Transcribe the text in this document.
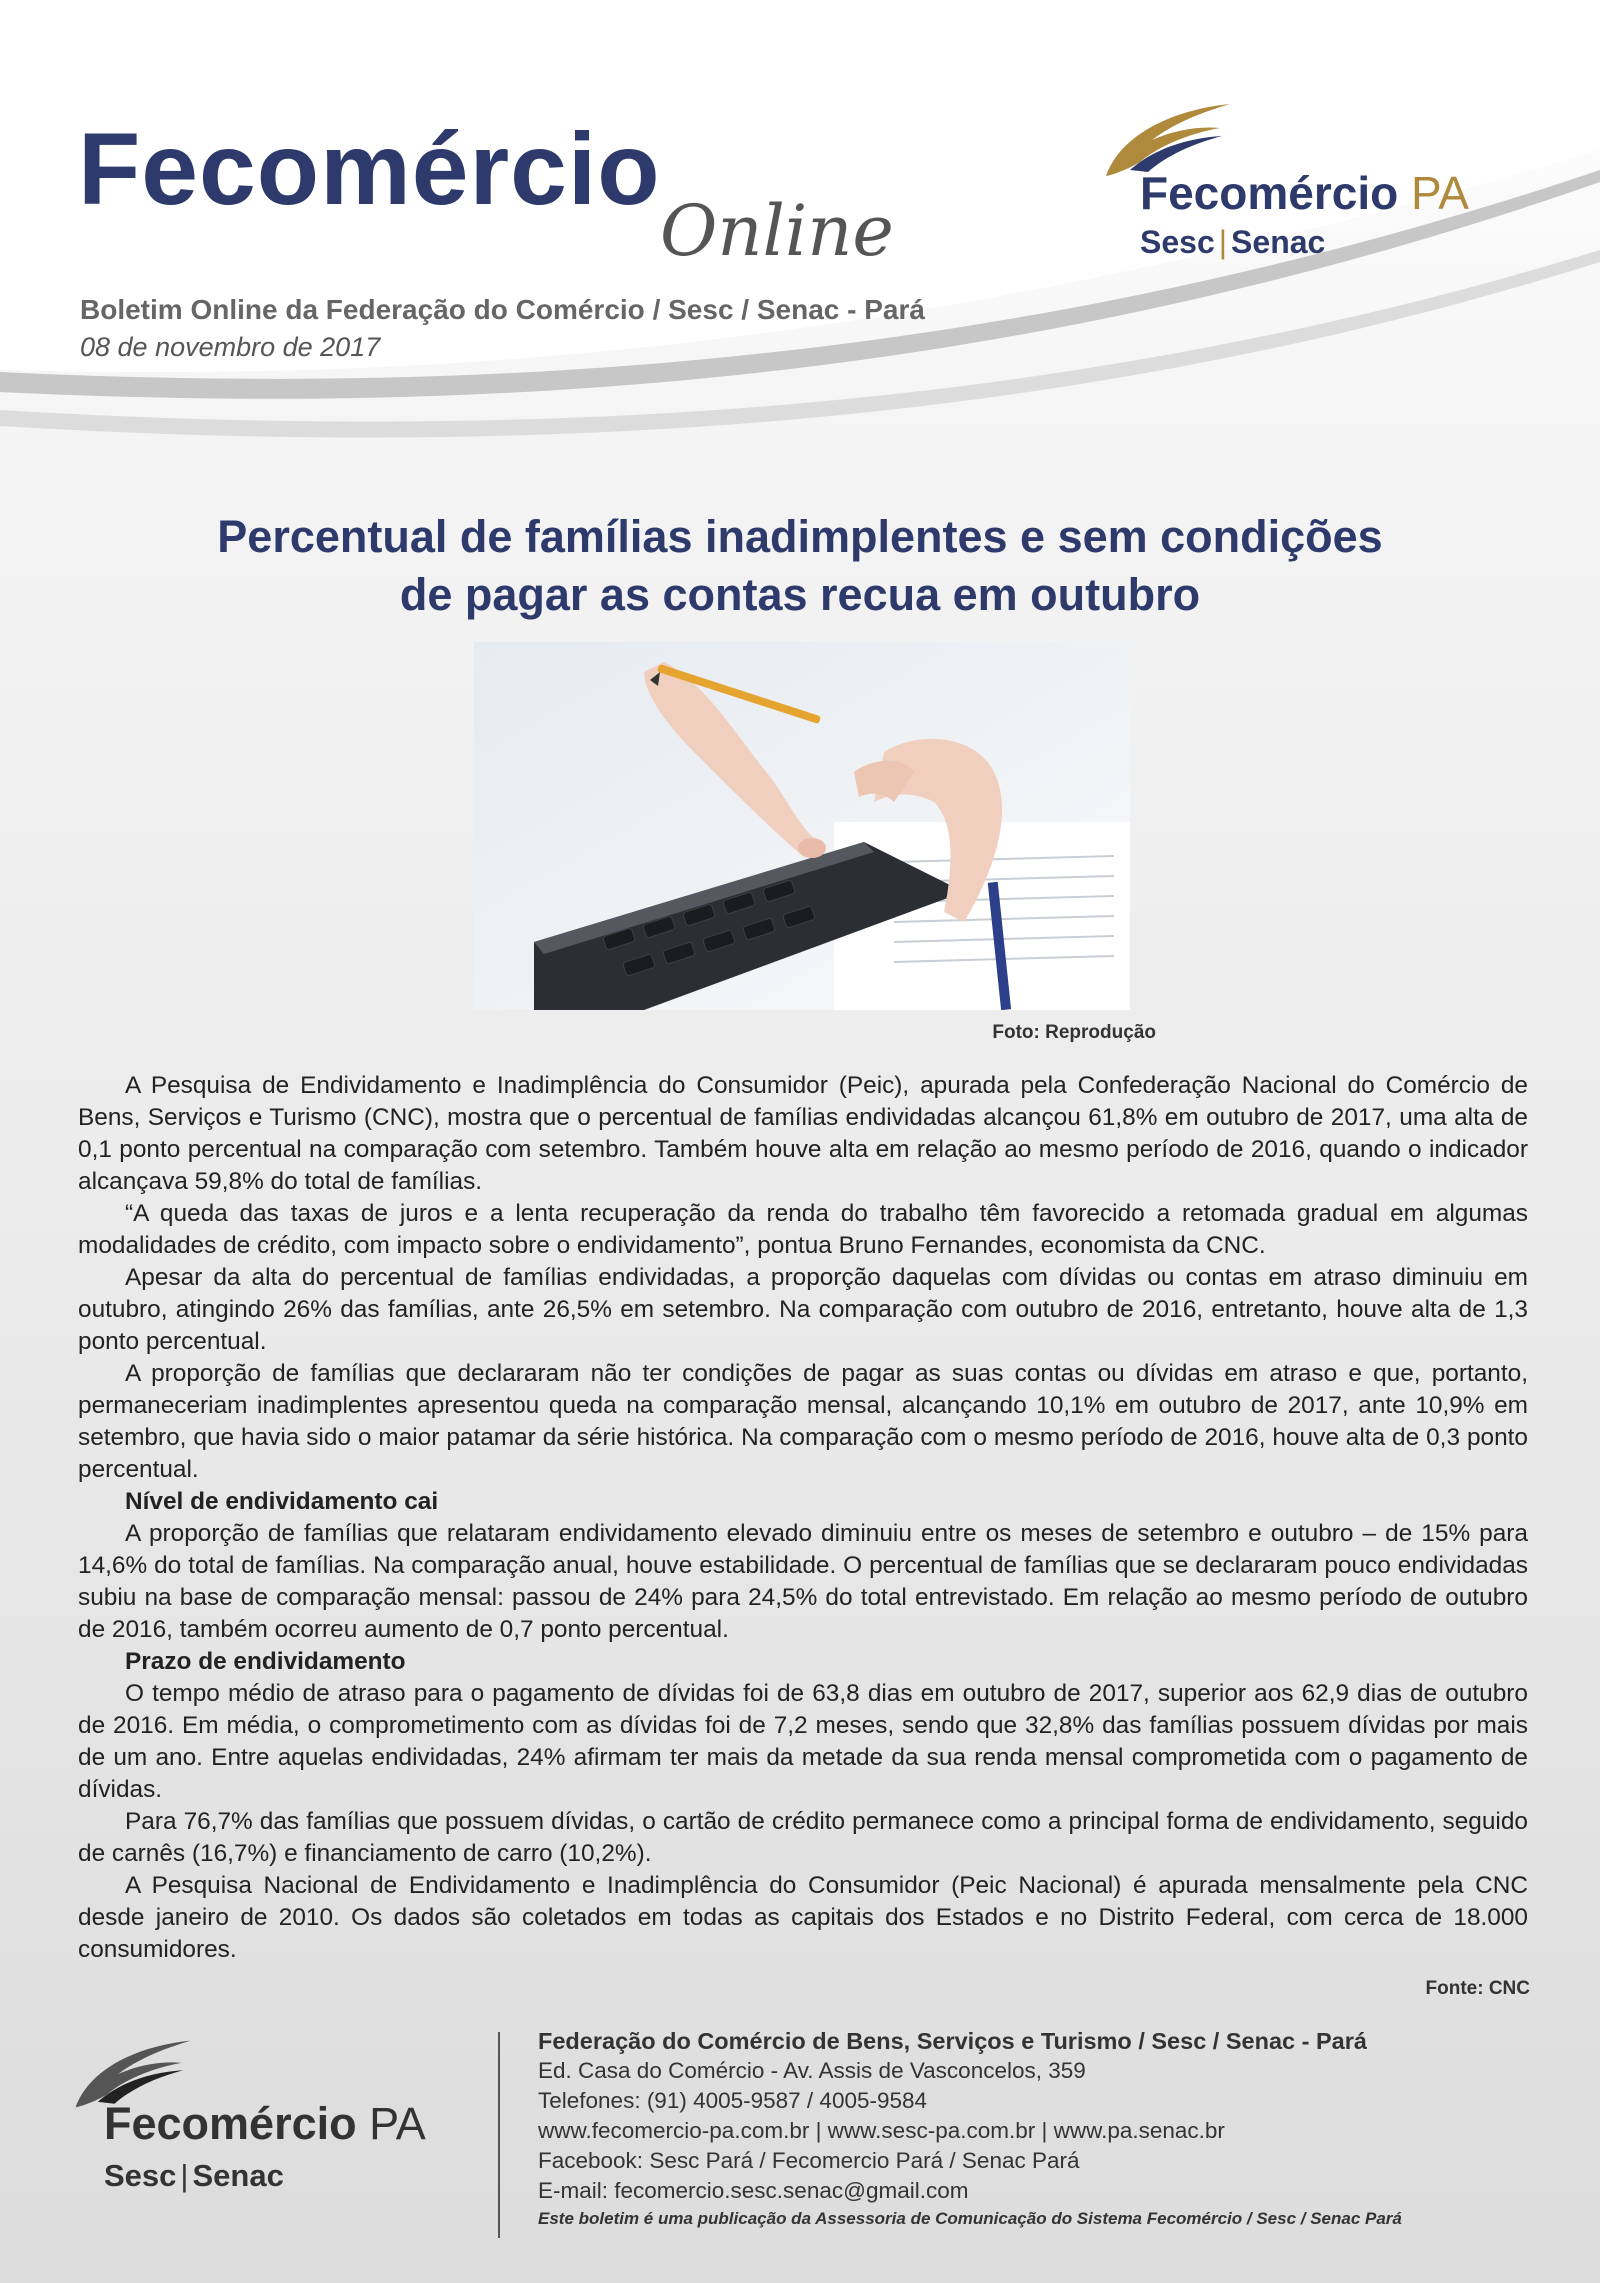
Fecomércio
Online
Boletim Online da Federação do Comércio / Sesc / Senac - Pará
08 de novembro de 2017
Fecomércio PA
Sesc | Senac
Percentual de famílias inadimplentes e sem condições
de pagar as contas recua em outubro
Foto: Reprodução

A Pesquisa de Endividamento e Inadimplência do Consumidor (Peic), apurada pela Confederação Nacional do Comércio de Bens, Serviços e Turismo (CNC), mostra que o percentual de famílias endividadas alcançou 61,8% em outubro de 2017, uma alta de 0,1 ponto percentual na comparação com setembro. Também houve alta em relação ao mesmo período de 2016, quando o indicador alcançava 59,8% do total de famílias.

“A queda das taxas de juros e a lenta recuperação da renda do trabalho têm favorecido a retomada gradual em algumas modalidades de crédito, com impacto sobre o endividamento”, pontua Bruno Fernandes, economista da CNC.

Apesar da alta do percentual de famílias endividadas, a proporção daquelas com dívidas ou contas em atraso diminuiu em outubro, atingindo 26% das famílias, ante 26,5% em setembro. Na comparação com outubro de 2016, entretanto, houve alta de 1,3 ponto percentual.

A proporção de famílias que declararam não ter condições de pagar as suas contas ou dívidas em atraso e que, portanto, permaneceriam inadimplentes apresentou queda na comparação mensal, alcançando 10,1% em outubro de 2017, ante 10,9% em setembro, que havia sido o maior patamar da série histórica. Na comparação com o mesmo período de 2016, houve alta de 0,3 ponto percentual.

Nível de endividamento cai

A proporção de famílias que relataram endividamento elevado diminuiu entre os meses de setembro e outubro – de 15% para 14,6% do total de famílias. Na comparação anual, houve estabilidade. O percentual de famílias que se declararam pouco endividadas subiu na base de comparação mensal: passou de 24% para 24,5% do total entrevistado. Em relação ao mesmo período de outubro de 2016, também ocorreu aumento de 0,7 ponto percentual.

Prazo de endividamento

O tempo médio de atraso para o pagamento de dívidas foi de 63,8 dias em outubro de 2017, superior aos 62,9 dias de outubro de 2016. Em média, o comprometimento com as dívidas foi de 7,2 meses, sendo que 32,8% das famílias possuem dívidas por mais de um ano. Entre aquelas endividadas, 24% afirmam ter mais da metade da sua renda mensal comprometida com o pagamento de dívidas.

Para 76,7% das famílias que possuem dívidas, o cartão de crédito permanece como a principal forma de endividamento, seguido de carnês (16,7%) e financiamento de carro (10,2%).

A Pesquisa Nacional de Endividamento e Inadimplência do Consumidor (Peic Nacional) é apurada mensalmente pela CNC desde janeiro de 2010. Os dados são coletados em todas as capitais dos Estados e no Distrito Federal, com cerca de 18.000 consumidores.

Fonte: CNC
Fecomércio PA
Sesc | Senac
Federação do Comércio de Bens, Serviços e Turismo / Sesc / Senac - Pará
Ed. Casa do Comércio - Av. Assis de Vasconcelos, 359
Telefones: (91) 4005-9587 / 4005-9584
www.fecomercio-pa.com.br | www.sesc-pa.com.br | www.pa.senac.br
Facebook: Sesc Pará / Fecomercio Pará / Senac Pará
E-mail: fecomercio.sesc.senac@gmail.com
Este boletim é uma publicação da Assessoria de Comunicação do Sistema Fecomércio / Sesc / Senac Pará
